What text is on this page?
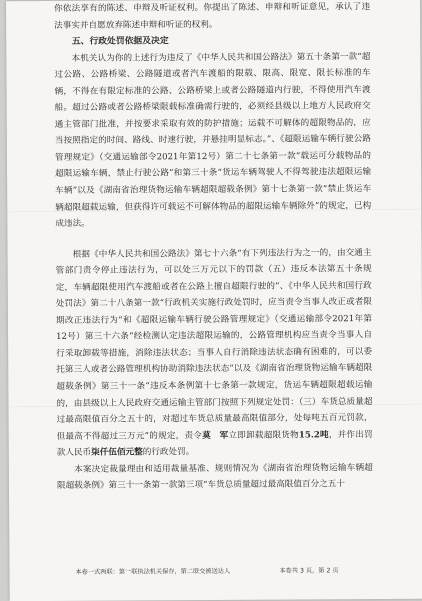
你依法享有的陈述、申辩及听证权利。你提出了陈述、申辩和听证意见，承认了违法事实并自愿放弃陈述申辩和听证的权利。

五、行政处罚依据及决定

本机关认为你的上述行为违反了《中华人民共和国公路法》第五十条第一款“超过公路、公路桥梁、公路隧道或者汽车渡船的限载、限高、限宽、限长标准的车辆，不得在有限定标准的公路、公路桥梁上或者公路隧道内行驶，不得使用汽车渡船。超过公路或者公路桥梁限载标准确需行驶的，必须经县级以上地方人民政府交通主管部门批准，并按要求采取有效的防护措施；运载不可解体的超限物品的，应当按照指定的时间、路线、时速行驶，并悬挂明显标志。”、《超限运输车辆行驶公路管理规定》（交通运输部令2021年第12号）第二十七条第一款“载运可分载物品的超限运输车辆，禁止行驶公路”和第三十条“货运车辆驾驶人不得驾驶违法超限运输车辆”以及《湖南省治理货物运输车辆超限超载条例》第十七条第一款“禁止货运车辆超限超载运输，但获得许可载运不可解体物品的超限运输车辆除外”的规定，已构成违法。

根据《中华人民共和国公路法》第七十六条“有下列违法行为之一的，由交通主管部门责令停止违法行为，可以处三万元以下的罚款（五）违反本法第五十条规定，车辆超限使用汽车渡船或者在公路上擅自超限行驶的”、《中华人民共和国行政处罚法》第二十八条第一款“行政机关实施行政处罚时，应当责令当事人改正或者限期改正违法行为”和《超限运输车辆行驶公路管理规定》（交通运输部令2021年第12号）第三十六条“经检测认定违法超限运输的，公路管理机构应当责令当事人自行采取卸载等措施，消除违法状态；当事人自行消除违法状态确有困难的，可以委托第三人或者公路管理机构协助消除违法状态”以及《湖南省治理货物运输车辆超限超载条例》第三十一条“违反本条例第十七条第一款规定，货运车辆超限超载运输的，由县级以上人民政府交通运输主管部门按照下列规定处罚：（三）车货总质量超过最高限值百分之五十的，对超过车货总质量最高限值部分，处每吨五百元罚款，但最高不得超过三万元”的规定，责令莫　军立即卸载超限货物15.2吨，并作出罚款人民币柒仟伍佰元整的行政处罚。

本案决定裁量理由和适用裁量基准、规则情况为《湖南省治理货物运输车辆超限超载条例》第三十一条第一款第三项“车货总质量超过最高限值百分之五十

本卷一式两联：第一联执法机关保存，第二联交被送达人	本卷共 3 页，第 2 页
